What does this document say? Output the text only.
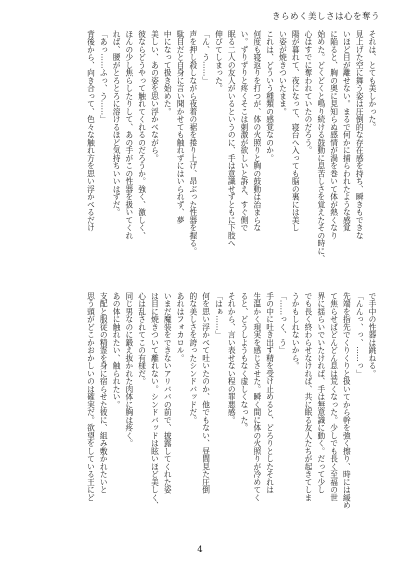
きらめく美しさは心を奪う
それは、とても美しかった。
見上げた空に舞う姿は圧倒的な存在感を持ち、瞬きもできな
いほど目が離せない。まるで何かに捕らわれたような感覚
に陥ると、胸の奥に見知らぬ感情が渦を巻いて体が熱くなり
始めた。どくどくと鳴り続ける鼓動に息苦しさを覚えたその時に、
心はすでに奪われていたのだろう。
陽が暮れて、夜になって、寝台へ入っても脳の裏には美し
い姿が焼きついたまま。
これは、どういう種類の感覚なのか。
何度も寝返りを打つが、体の火照りと胸の鼓動は治まらな
い。ずりずりと疼くそこは刺激が欲しいと訴え、すぐ側で
眠る二人の友人がいるというのに、手は意識せずともに下肢へ
伸びてしまった。
「ん、う……」
声を押し殺しながら夜着の裾を捲り上げ、昂ぶった性器を握る。
駄目だと自身に言い聞かせても触れずにはいられず、夢
中になって扱き始めた。
美しい、あの姿を思い浮かべながら。
彼ならどうやって触れてくれるのだろうか。強く、激しく、
ほんの少し焦らしたりして、あの手がこの性器を扱いてくれ
れば、腰がとろとろに溶けるほど気持ちいいはずだ。
「あっ……ふっ、う……」
背後から、向き合って、色々な触れ方を思い浮かべるだけ
で手中の性器は跳ねる。
「んんっ、っ、……っ」
先端を指先でくりくりと扱いてから幹を強く擦り、時には緩め
て焦らせばどんどん息は荒くなった。少しでも長く至福の世
界に揺らいでいたければ、手は無意識に動く。だって少し
でも長く終わらせなければ、共に眠る友人たちが起きてしま
うかもしれないから。
「……っく、う」
手の中に吐き出す精を受け止めると、どろりとしたそれは
生温かく現実を感じさせた。瞬く間に体の火照りが冷めてく
ると、どうしようもなく虚しくなった。
それから、言い表せない程の罪悪感。
「はぁ……」
何を思い浮かべて吐いたのか、他でもない、昼間見た圧倒
的な美しさを誇ったシンドバッドだ。
あれはフォカロル。
いまだ魔装をできないアリババの前で、披露してくれた姿
は目に焼きついて離れない。シンドバッドは眩いほど美しく、
心は乱されてこの有様だ。
同じ男なのに鍛え抜かれた肉体に胸は疼く。
あの体に触れたい、触られたい。
支配と服従の精霊を身に宿らせた彼に、組み敷かれたいと
思う頭がどこかおかしいのは確実だ。欲望をしている王にど
4
